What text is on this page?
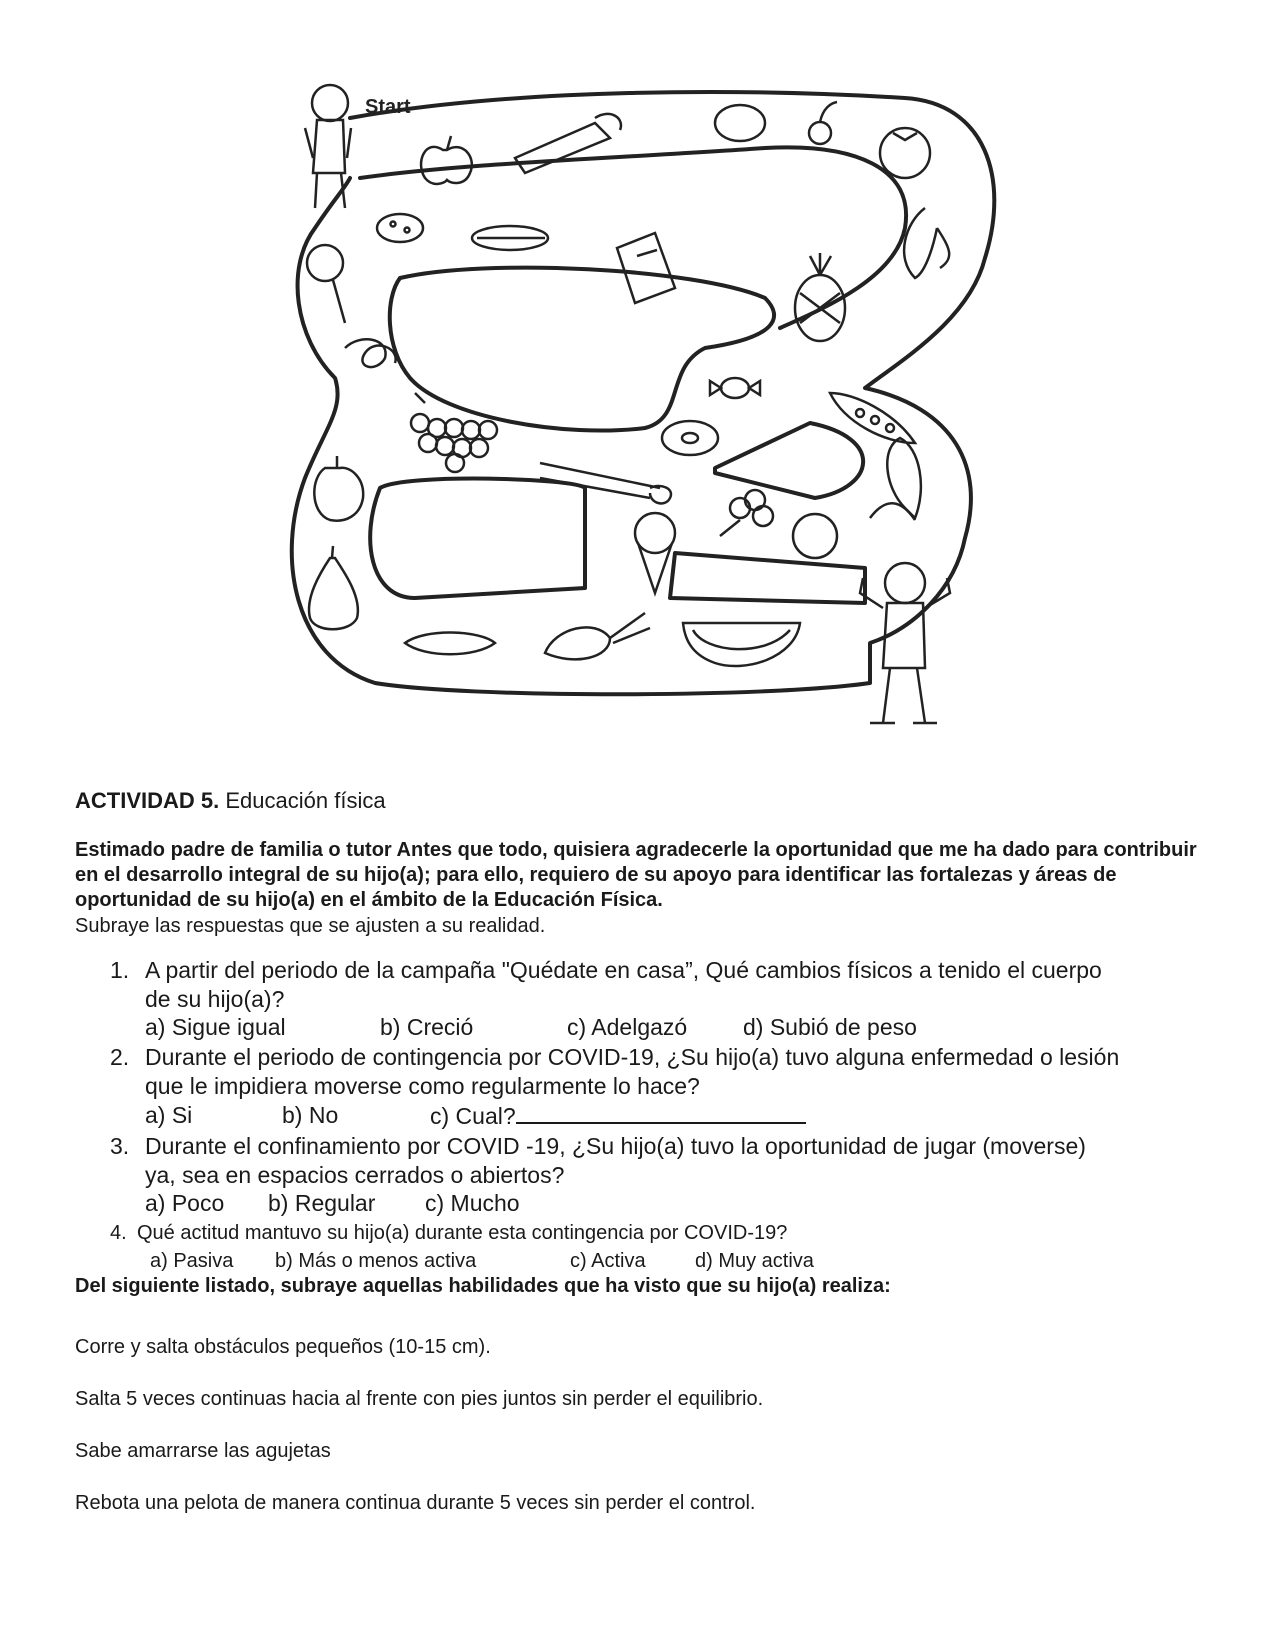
Start
ACTIVIDAD 5. Educación física
Estimado padre de familia o tutor Antes que todo, quisiera agradecerle la oportunidad que me ha dado para contribuir en el desarrollo integral de su hijo(a); para ello, requiero de su apoyo para identificar las fortalezas y áreas de oportunidad de su hijo(a) en el ámbito de la Educación Física.
Subraye las respuestas que se ajusten a su realidad.
1. A partir del periodo de la campaña "Quédate en casa”, Qué cambios físicos a tenido el cuerpo
de su hijo(a)?
a) Sigue igual	b) Creció	c) Adelgazó d) Subió de peso
2. Durante el periodo de contingencia por COVID-19, ¿Su hijo(a) tuvo alguna enfermedad o lesión
que le impidiera moverse como regularmente lo hace?
a) Si	b) No	c) Cual?
3. Durante el confinamiento por COVID -19, ¿Su hijo(a) tuvo la oportunidad de jugar (moverse)
ya, sea en espacios cerrados o abiertos?
a) Poco b) Regular c) Mucho
4. Qué actitud mantuvo su hijo(a) durante esta contingencia por COVID-19?
a) Pasiva b) Más o menos activa	c) Activa d) Muy activa
Del siguiente listado, subraye aquellas habilidades que ha visto que su hijo(a) realiza:
Corre y salta obstáculos pequeños (10-15 cm).
Salta 5 veces continuas hacia al frente con pies juntos sin perder el equilibrio.
Sabe amarrarse las agujetas
Rebota una pelota de manera continua durante 5 veces sin perder el control.
